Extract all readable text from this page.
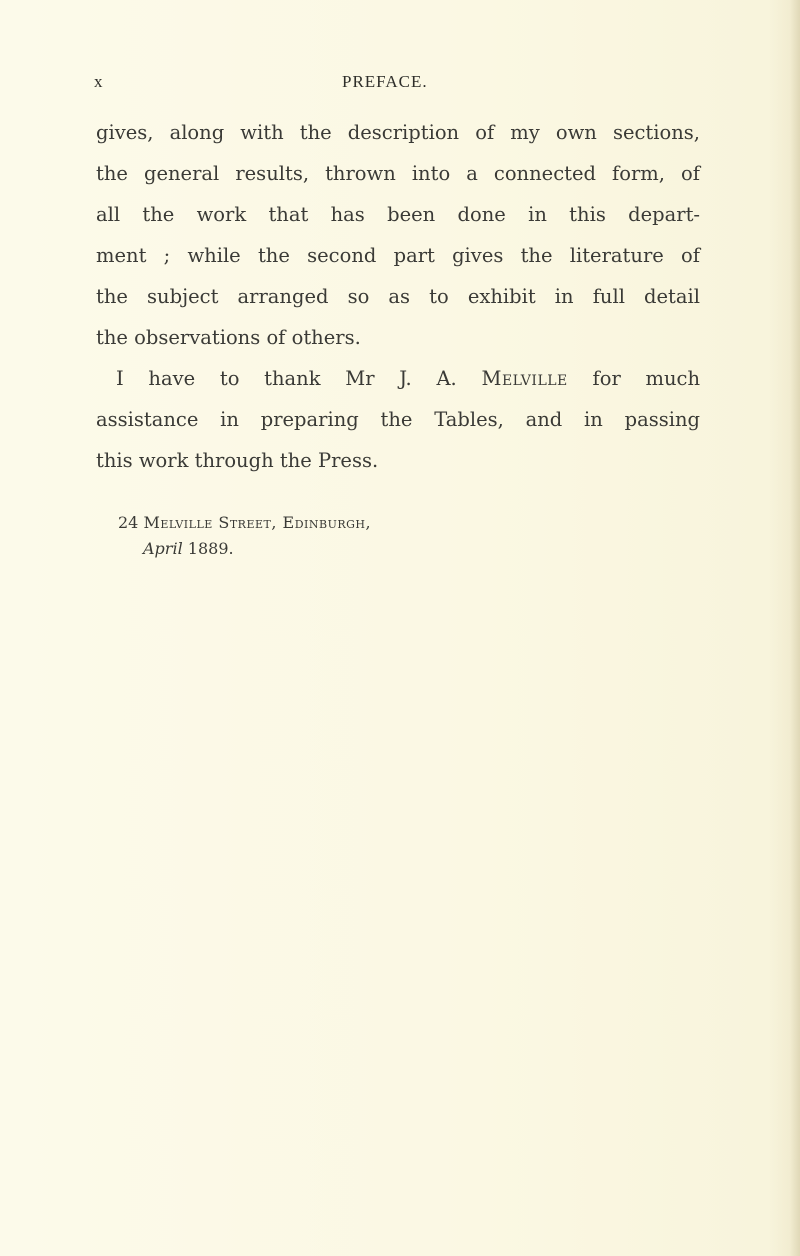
x	PREFACE.
gives, along with the description of my own sections,
the general results, thrown into a connected form, of
all the work that has been done in this depart-
ment ; while the second part gives the literature of
the subject arranged so as to exhibit in full detail
the observations of others.
I have to thank Mr J. A. Melville for much
assistance in preparing the Tables, and in passing
this work through the Press.
24 Melville Street, Edinburgh,
April 1889.
